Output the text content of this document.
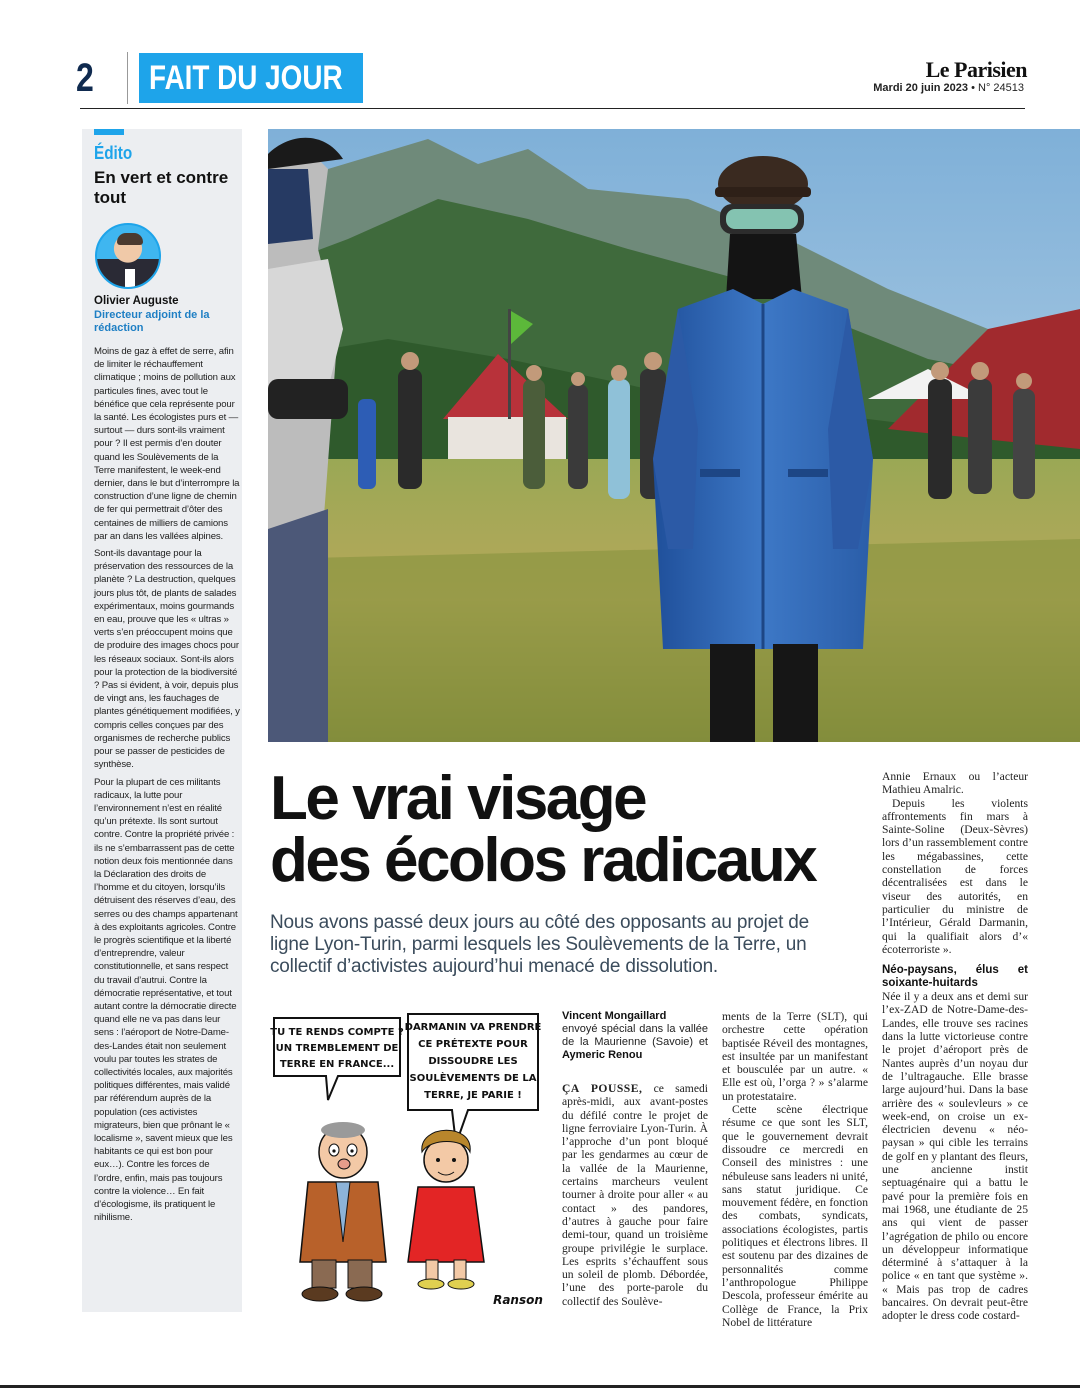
2 FAIT DU JOUR	Le Parisien
Mardi 20 juin 2023 • N° 24513
Édito
En vert et contre tout
Olivier Auguste
Directeur adjoint de la rédaction

Moins de gaz à effet de serre, afin de limiter le réchauffement climatique ; moins de pollution aux particules fines, avec tout le bénéfice que cela représente pour la santé. Les écologistes purs et — surtout — durs sont-ils vraiment pour ? Il est permis d’en douter quand les Soulèvements de la Terre manifestent, le week-end dernier, dans le but d’interrompre la construction d’une ligne de chemin de fer qui permettrait d’ôter des centaines de milliers de camions par an dans les vallées alpines.

Sont-ils davantage pour la préservation des ressources de la planète ? La destruction, quelques jours plus tôt, de plants de salades expérimentaux, moins gourmands en eau, prouve que les « ultras » verts s’en préoccupent moins que de produire des images chocs pour les réseaux sociaux. Sont-ils alors pour la protection de la biodiversité ? Pas si évident, à voir, depuis plus de vingt ans, les fauchages de plantes génétiquement modifiées, y compris celles conçues par des organismes de recherche publics pour se passer de pesticides de synthèse.

Pour la plupart de ces militants radicaux, la lutte pour l’environnement n’est en réalité qu’un prétexte. Ils sont surtout contre. Contre la propriété privée : ils ne s’embarrassent pas de cette notion deux fois mentionnée dans la Déclaration des droits de l’homme et du citoyen, lorsqu’ils détruisent des réserves d’eau, des serres ou des champs appartenant à des exploitants agricoles. Contre le progrès scientifique et la liberté d’entreprendre, valeur constitutionnelle, et sans respect du travail d’autrui. Contre la démocratie représentative, et tout autant contre la démocratie directe quand elle ne va pas dans leur sens : l’aéroport de Notre-Dame-des-Landes était non seulement voulu par toutes les strates de collectivités locales, aux majorités politiques différentes, mais validé par référendum auprès de la population (ces activistes migrateurs, bien que prônant le « localisme », savent mieux que les habitants ce qui est bon pour eux…). Contre les forces de l’ordre, enfin, mais pas toujours contre la violence… En fait d’écologisme, ils pratiquent le nihilisme.

Le vrai visage
des écolos radicaux

Nous avons passé deux jours au côté des opposants au projet de ligne Lyon-Turin, parmi lesquels les Soulèvements de la Terre, un collectif d’activistes aujourd’hui menacé de dissolution.

TU TE RENDS COMPTE ?
UN TREMBLEMENT DE
TERRE EN FRANCE...
DARMANIN VA PRENDRE
CE PRÉTEXTE POUR
DISSOUDRE LES
SOULÈVEMENTS DE LA
TERRE, JE PARIE !
Ranson
Vincent Mongaillard
envoyé spécial dans la vallée de la Maurienne (Savoie) et Aymeric Renou

ÇA POUSSE, ce samedi après-midi, aux avant-postes du défilé contre le projet de ligne ferroviaire Lyon-Turin. À l’approche d’un pont bloqué par les gendarmes au cœur de la vallée de la Maurienne, certains marcheurs veulent tourner à droite pour aller « au contact » des pandores, d’autres à gauche pour faire demi-tour, quand un troisième groupe privilégie le surplace. Les esprits s’échauffent sous un soleil de plomb. Débordée, l’une des porte-parole du collectif des Soulève-

ments de la Terre (SLT), qui orchestre cette opération baptisée Réveil des montagnes, est insultée par un manifestant et bousculée par un autre. « Elle est où, l’orga ? » s’alarme un protestataire.

Cette scène électrique résume ce que sont les SLT, que le gouvernement devrait dissoudre ce mercredi en Conseil des ministres : une nébuleuse sans leaders ni unité, sans statut juridique. Ce mouvement fédère, en fonction des combats, syndicats, associations écologistes, partis politiques et électrons libres. Il est soutenu par des dizaines de personnalités comme l’anthropologue Philippe Descola, professeur émérite au Collège de France, la Prix Nobel de littérature

Annie Ernaux ou l’acteur Mathieu Amalric.

Depuis les violents affrontements fin mars à Sainte-Soline (Deux-Sèvres) lors d’un rassemblement contre les mégabassines, cette constellation de forces décentralisées est dans le viseur des autorités, en particulier du ministre de l’Intérieur, Gérald Darmanin, qui la qualifiait alors d’« écoterroriste ».

Néo-paysans, élus et soixante-huitards

Née il y a deux ans et demi sur l’ex-ZAD de Notre-Dame-des-Landes, elle trouve ses racines dans la lutte victorieuse contre le projet d’aéroport près de Nantes auprès d’un noyau dur de l’ultragauche. Elle brasse large aujourd’hui. Dans la base arrière des « soulevleurs » ce week-end, on croise un ex-électricien devenu « néo-paysan » qui cible les terrains de golf en y plantant des fleurs, une ancienne instit septuagénaire qui a battu le pavé pour la première fois en mai 1968, une étudiante de 25 ans qui vient de passer l’agrégation de philo ou encore un développeur informatique déterminé à s’attaquer à la police « en tant que système ». « Mais pas trop de cadres bancaires. On devrait peut-être adopter le dress code costard-
